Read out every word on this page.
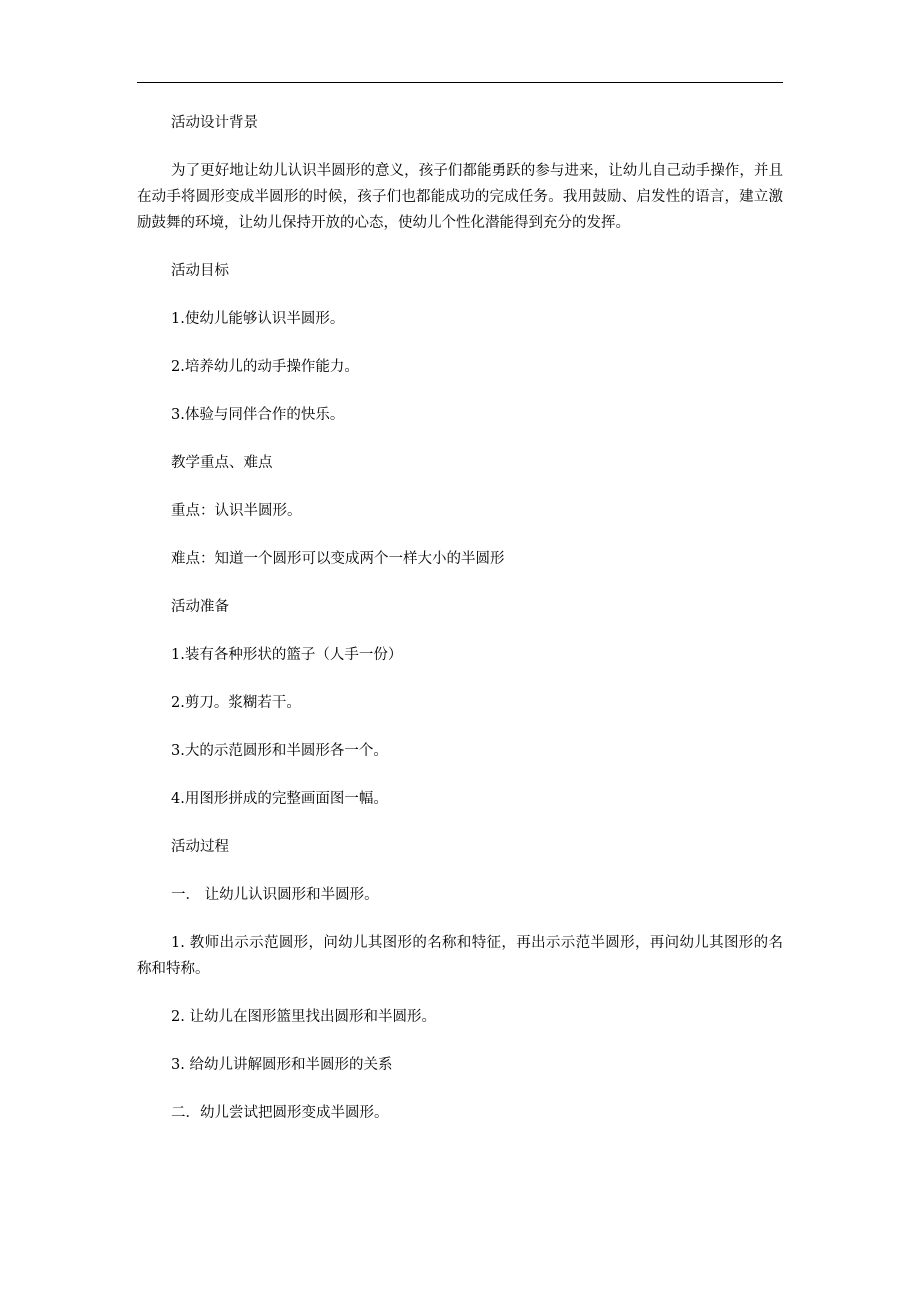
活动设计背景

为了更好地让幼儿认识半圆形的意义，孩子们都能勇跃的参与进来，让幼儿自己动手操作，并且在动手将圆形变成半圆形的时候，孩子们也都能成功的完成任务。我用鼓励、启发性的语言，建立激励鼓舞的环境，让幼儿保持开放的心态，使幼儿个性化潜能得到充分的发挥。

活动目标

1.使幼儿能够认识半圆形。

2.培养幼儿的动手操作能力。

3.体验与同伴合作的快乐。

教学重点、难点

重点：认识半圆形。

难点：知道一个圆形可以变成两个一样大小的半圆形

活动准备

1.装有各种形状的篮子（人手一份）

2.剪刀。浆糊若干。

3.大的示范圆形和半圆形各一个。

4.用图形拼成的完整画面图一幅。

活动过程

一． 让幼儿认识圆形和半圆形。

1. 教师出示示范圆形，问幼儿其图形的名称和特征，再出示示范半圆形，再问幼儿其图形的名称和特称。

2. 让幼儿在图形篮里找出圆形和半圆形。

3. 给幼儿讲解圆形和半圆形的关系

二．幼儿尝试把圆形变成半圆形。
